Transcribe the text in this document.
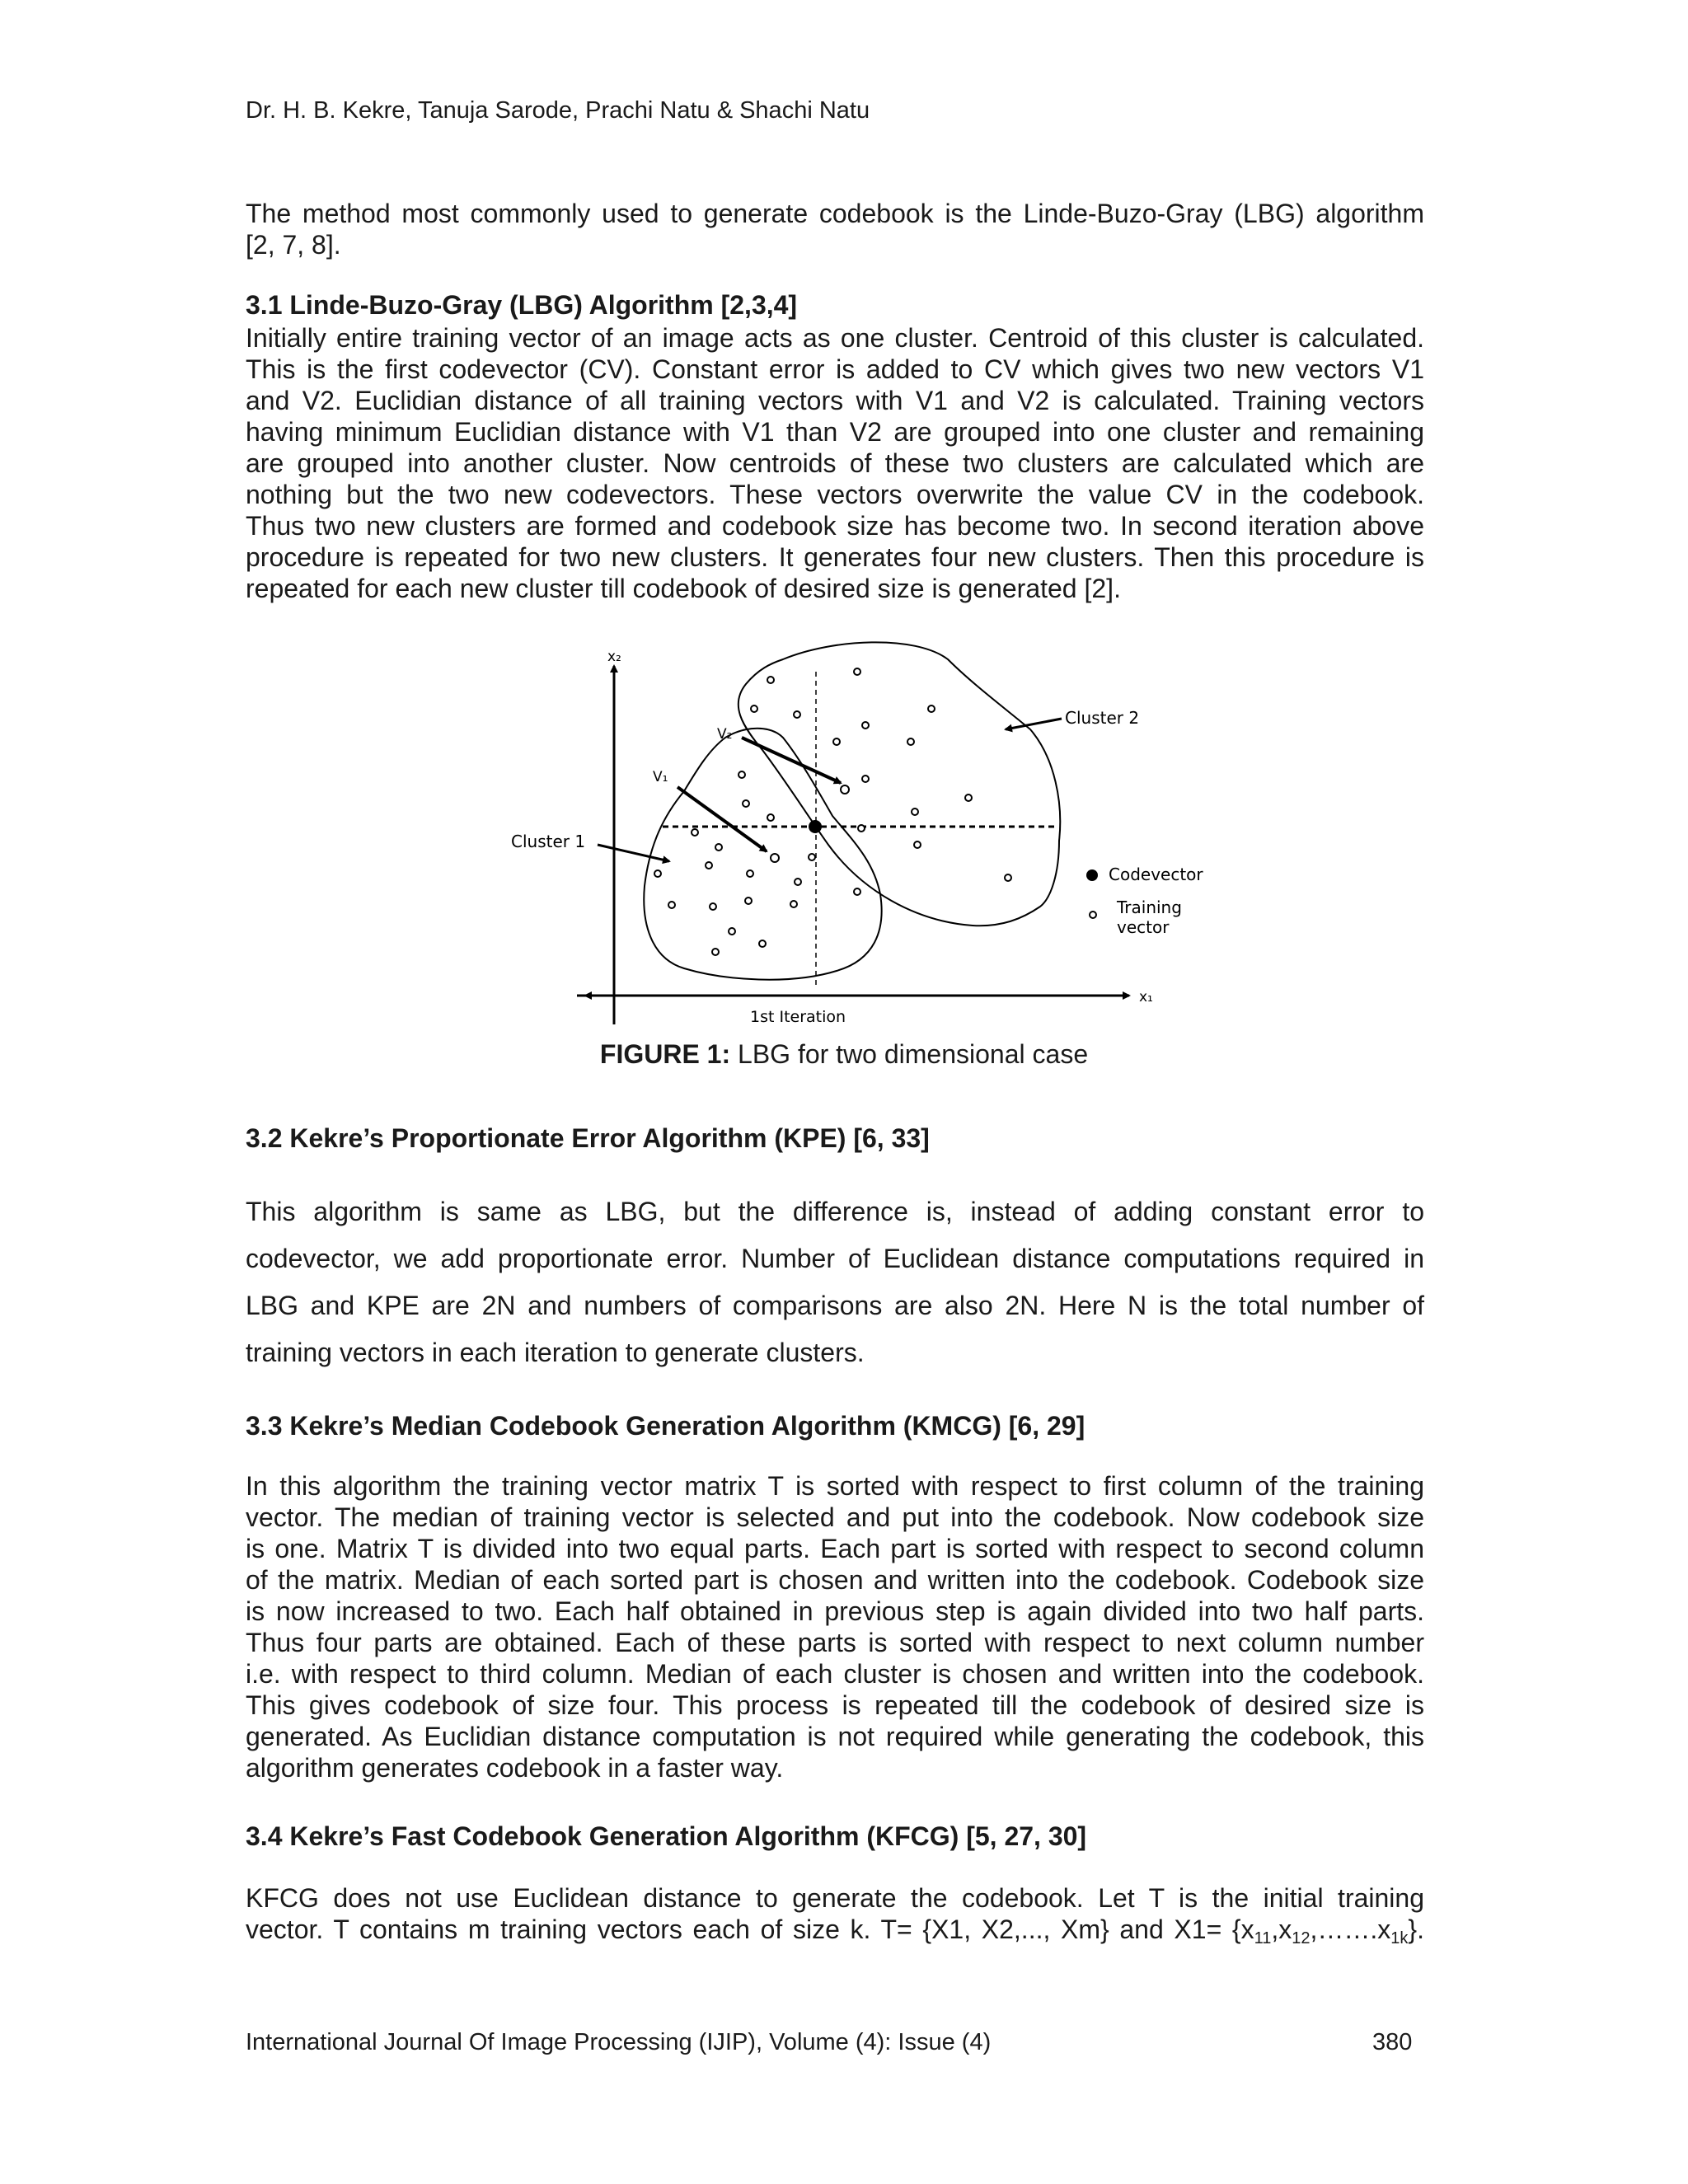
Dr. H. B. Kekre, Tanuja Sarode, Prachi Natu & Shachi Natu
The method most commonly used to generate codebook is the Linde-Buzo-Gray (LBG) algorithm
[2, 7, 8].
3.1 Linde-Buzo-Gray (LBG) Algorithm [2,3,4]
Initially entire training vector of an image acts as one cluster. Centroid of this cluster is calculated.
This is the first codevector (CV). Constant error is added to CV which gives two new vectors V1
and V2. Euclidian distance of all training vectors with V1 and V2 is calculated. Training vectors
having minimum Euclidian distance with V1 than V2 are grouped into one cluster and remaining
are grouped into another cluster. Now centroids of these two clusters are calculated which are
nothing but the two new codevectors. These vectors overwrite the value CV in the codebook.
Thus two new clusters are formed and codebook size has become two. In second iteration above
procedure is repeated for two new clusters. It generates four new clusters. Then this procedure is
repeated for each new cluster till codebook of desired size is generated [2].
x₂
x₁
V₂
V₁
Cluster 1
Cluster 2
Codevector
Training
vector
1st Iteration
FIGURE 1: LBG for two dimensional case
3.2 Kekre’s Proportionate Error Algorithm (KPE) [6, 33]
This algorithm is same as LBG, but the difference is, instead of adding constant error to
codevector, we add proportionate error. Number of Euclidean distance computations required in
LBG and KPE are 2N and numbers of comparisons are also 2N. Here N is the total number of
training vectors in each iteration to generate clusters.
3.3 Kekre’s Median Codebook Generation Algorithm (KMCG) [6, 29]
In this algorithm the training vector matrix T is sorted with respect to first column of the training
vector. The median of training vector is selected and put into the codebook. Now codebook size
is one. Matrix T is divided into two equal parts. Each part is sorted with respect to second column
of the matrix. Median of each sorted part is chosen and written into the codebook. Codebook size
is now increased to two. Each half obtained in previous step is again divided into two half parts.
Thus four parts are obtained. Each of these parts is sorted with respect to next column number
i.e. with respect to third column. Median of each cluster is chosen and written into the codebook.
This gives codebook of size four. This process is repeated till the codebook of desired size is
generated. As Euclidian distance computation is not required while generating the codebook, this
algorithm generates codebook in a faster way.
3.4 Kekre’s Fast Codebook Generation Algorithm (KFCG) [5, 27, 30]
KFCG does not use Euclidean distance to generate the codebook. Let T is the initial training
vector. T contains m training vectors each of size k. T= {X1, X2,..., Xm} and $X1= \{x_{11},x_{12},\dots\dots.x_{1k}\}$.
International Journal Of Image Processing (IJIP), Volume (4): Issue (4)	380
